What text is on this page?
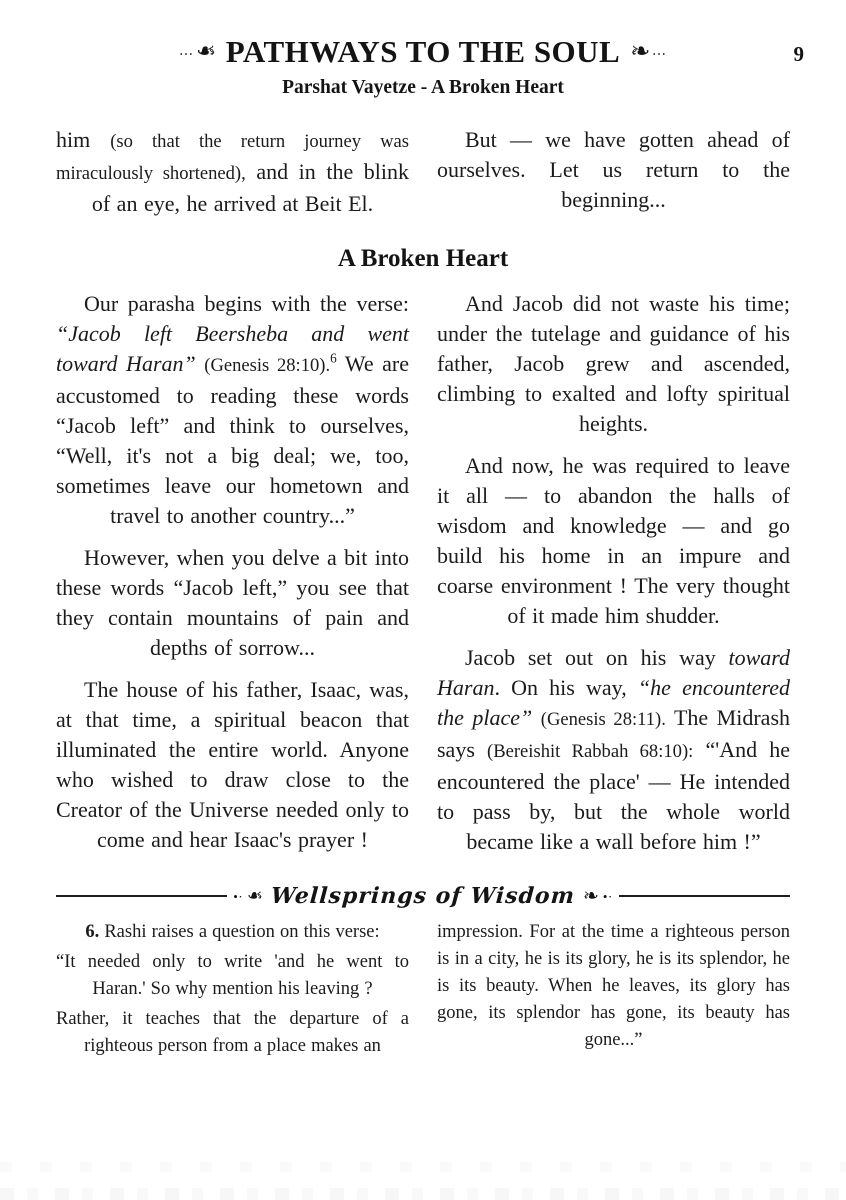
∙∙∙ ❧ PATHWAYS TO THE SOUL ❧ ∙∙∙	9
Parshat Vayetze - A Broken Heart

him (so that the return journey was miraculously shortened), and in the blink of an eye, he arrived at Beit El.

But — we have gotten ahead of ourselves. Let us return to the beginning...

A Broken Heart

Our parasha begins with the verse: “Jacob left Beersheba and went toward Haran” (Genesis 28:10).$^6$ We are accustomed to reading these words “Jacob left” and think to ourselves, “Well, it's not a big deal; we, too, sometimes leave our hometown and travel to another country...”

However, when you delve a bit into these words “Jacob left,” you see that they contain mountains of pain and depths of sorrow...

The house of his father, Isaac, was, at that time, a spiritual beacon that illuminated the entire world. Anyone who wished to draw close to the Creator of the Universe needed only to come and hear Isaac's prayer !

And Jacob did not waste his time; under the tutelage and guidance of his father, Jacob grew and ascended, climbing to exalted and lofty spiritual heights.

And now, he was required to leave it all — to abandon the halls of wisdom and knowledge — and go build his home in an impure and coarse environment ! The very thought of it made him shudder.

Jacob set out on his way toward Haran. On his way, “he encountered the place” (Genesis 28:11). The Midrash says (Bereishit Rabbah 68:10): “'And he encountered the place' — He intended to pass by, but the whole world became like a wall before him !”

•∙ ❧ Wellsprings of Wisdom ❧ •∙

6. Rashi raises a question on this verse:

“It needed only to write 'and he went to Haran.' So why mention his leaving ?

Rather, it teaches that the departure of a righteous person from a place makes an

impression. For at the time a righteous person is in a city, he is its glory, he is its splendor, he is its beauty. When he leaves, its glory has gone, its splendor has gone, its beauty has gone...”
